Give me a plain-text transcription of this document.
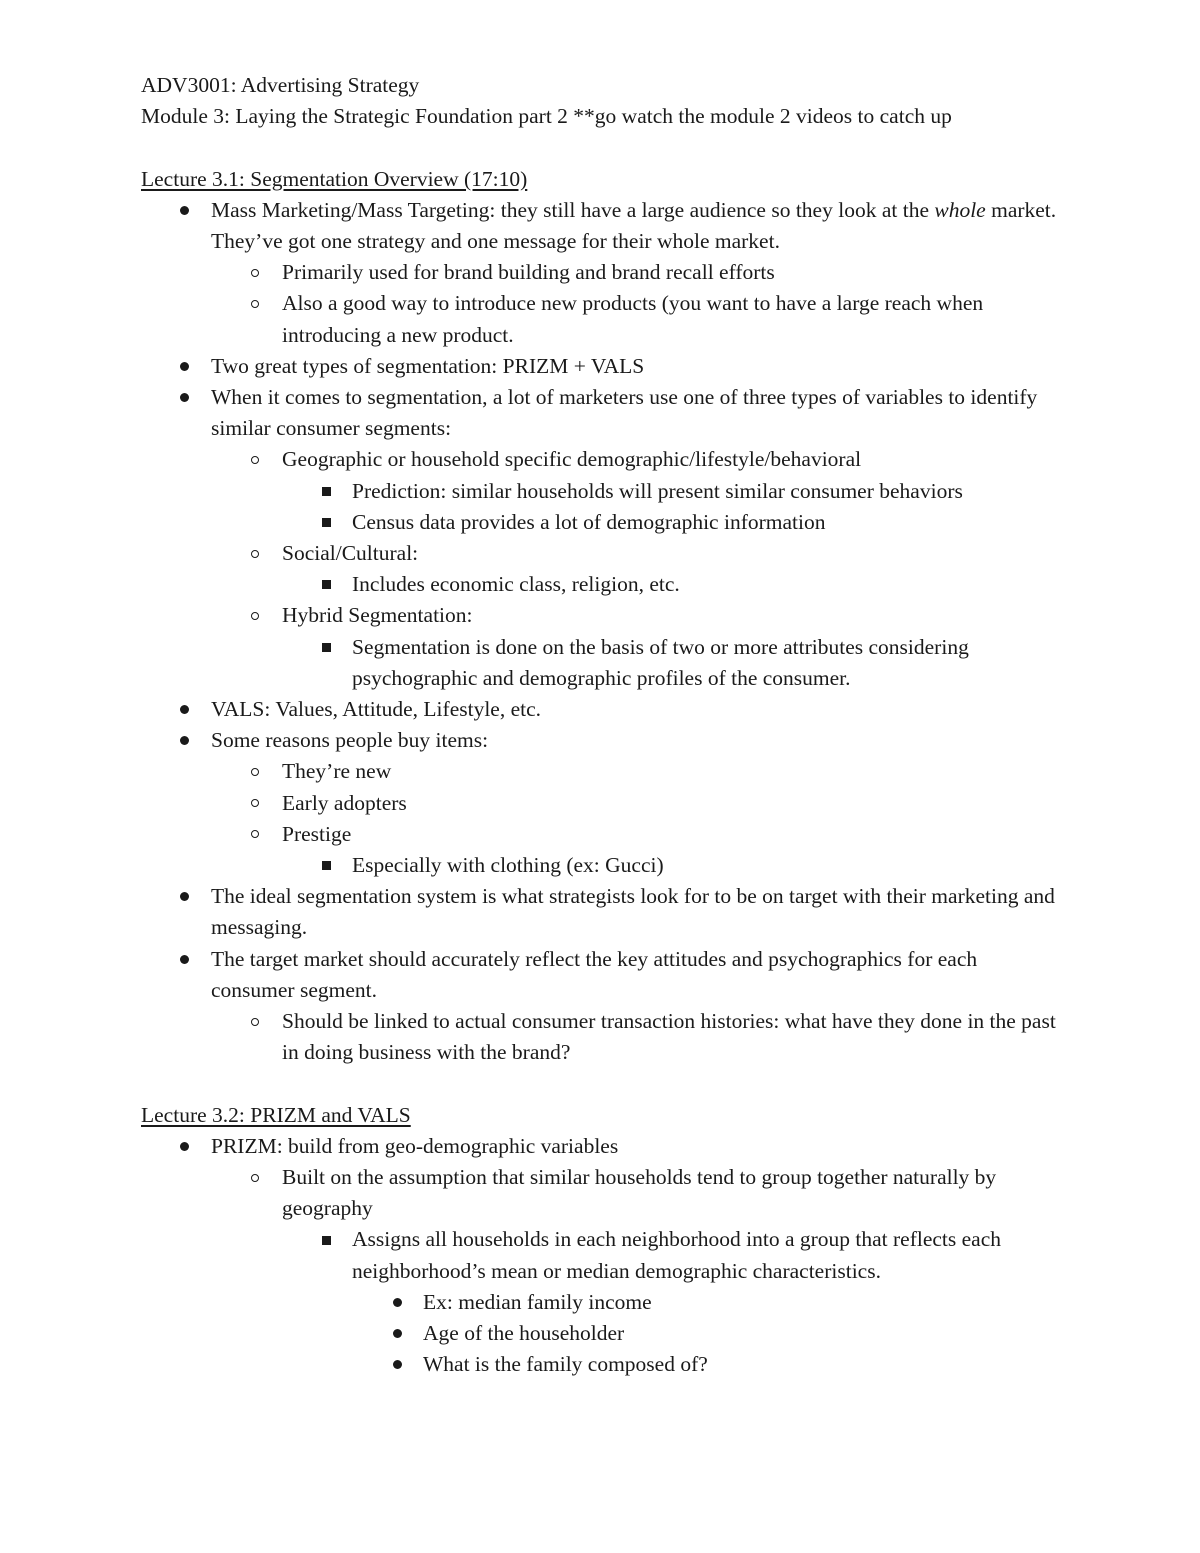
ADV3001: Advertising Strategy
Module 3: Laying the Strategic Foundation part 2 **go watch the module 2 videos to catch up
Lecture 3.1: Segmentation Overview (17:10)
Mass Marketing/Mass Targeting: they still have a large audience so they look at the whole market. They’ve got one strategy and one message for their whole market.
Primarily used for brand building and brand recall efforts
Also a good way to introduce new products (you want to have a large reach when introducing a new product.
Two great types of segmentation: PRIZM + VALS
When it comes to segmentation, a lot of marketers use one of three types of variables to identify similar consumer segments:
Geographic or household specific demographic/lifestyle/behavioral
Prediction: similar households will present similar consumer behaviors
Census data provides a lot of demographic information
Social/Cultural:
Includes economic class, religion, etc.
Hybrid Segmentation:
Segmentation is done on the basis of two or more attributes considering psychographic and demographic profiles of the consumer.
VALS: Values, Attitude, Lifestyle, etc.
Some reasons people buy items:
They’re new
Early adopters
Prestige
Especially with clothing (ex: Gucci)
The ideal segmentation system is what strategists look for to be on target with their marketing and messaging.
The target market should accurately reflect the key attitudes and psychographics for each consumer segment.
Should be linked to actual consumer transaction histories: what have they done in the past in doing business with the brand?
Lecture 3.2: PRIZM and VALS
PRIZM: build from geo-demographic variables
Built on the assumption that similar households tend to group together naturally by geography
Assigns all households in each neighborhood into a group that reflects each neighborhood’s mean or median demographic characteristics.
Ex: median family income
Age of the householder
What is the family composed of?
